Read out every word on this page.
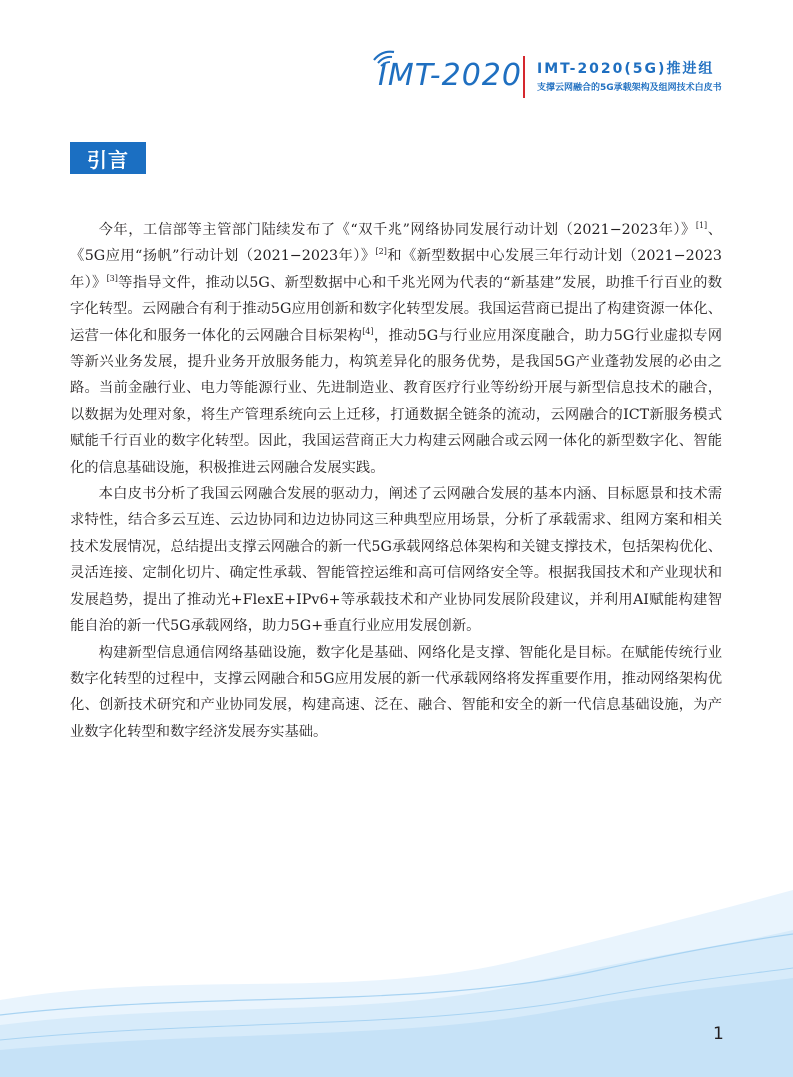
IMT-2020 IMT-2020(5G)推进组
支撑云网融合的5G承载架构及组网技术白皮书
引言

今年，工信部等主管部门陆续发布了《“双千兆”网络协同发展行动计划（2021−2023年）》[1]、《5G应用“扬帆”行动计划（2021−2023年）》[2]和《新型数据中心发展三年行动计划（2021−2023年）》[3]等指导文件，推动以5G、新型数据中心和千兆光网为代表的“新基建”发展，助推千行百业的数字化转型。云网融合有利于推动5G应用创新和数字化转型发展。我国运营商已提出了构建资源一体化、运营一体化和服务一体化的云网融合目标架构[4]，推动5G与行业应用深度融合，助力5G行业虚拟专网等新兴业务发展，提升业务开放服务能力，构筑差异化的服务优势，是我国5G产业蓬勃发展的必由之路。当前金融行业、电力等能源行业、先进制造业、教育医疗行业等纷纷开展与新型信息技术的融合，以数据为处理对象，将生产管理系统向云上迁移，打通数据全链条的流动，云网融合的ICT新服务模式赋能千行百业的数字化转型。因此，我国运营商正大力构建云网融合或云网一体化的新型数字化、智能化的信息基础设施，积极推进云网融合发展实践。

本白皮书分析了我国云网融合发展的驱动力，阐述了云网融合发展的基本内涵、目标愿景和技术需求特性，结合多云互连、云边协同和边边协同这三种典型应用场景，分析了承载需求、组网方案和相关技术发展情况，总结提出支撑云网融合的新一代5G承载网络总体架构和关键支撑技术，包括架构优化、灵活连接、定制化切片、确定性承载、智能管控运维和高可信网络安全等。根据我国技术和产业现状和发展趋势，提出了推动光+FlexE+IPv6+等承载技术和产业协同发展阶段建议，并利用AI赋能构建智能自治的新一代5G承载网络，助力5G+垂直行业应用发展创新。

构建新型信息通信网络基础设施，数字化是基础、网络化是支撑、智能化是目标。在赋能传统行业数字化转型的过程中，支撑云网融合和5G应用发展的新一代承载网络将发挥重要作用，推动网络架构优化、创新技术研究和产业协同发展，构建高速、泛在、融合、智能和安全的新一代信息基础设施，为产业数字化转型和数字经济发展夯实基础。

1
